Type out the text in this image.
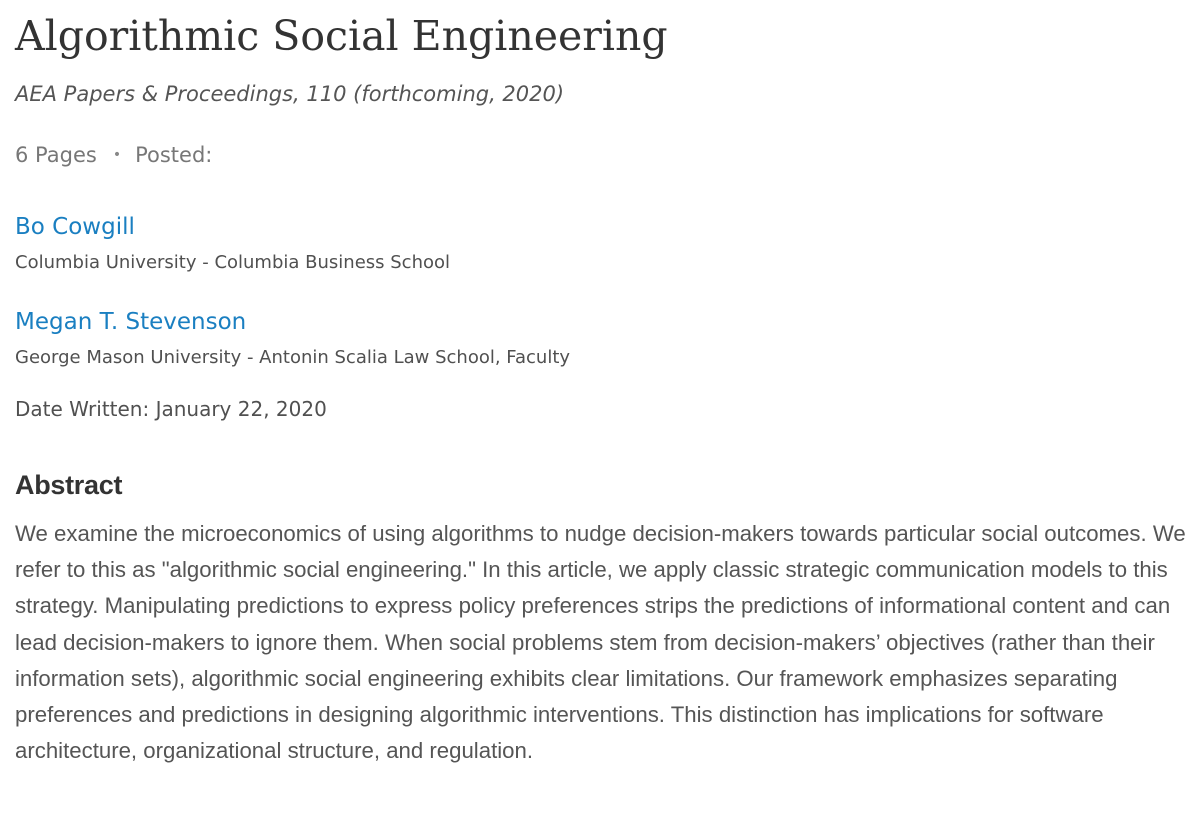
Algorithmic Social Engineering
AEA Papers & Proceedings, 110 (forthcoming, 2020)
6 Pages • Posted:
Bo Cowgill
Columbia University - Columbia Business School
Megan T. Stevenson
George Mason University - Antonin Scalia Law School, Faculty
Date Written: January 22, 2020
Abstract

We examine the microeconomics of using algorithms to nudge decision-makers towards particular social outcomes. We refer to this as "algorithmic social engineering." In this article, we apply classic strategic communication models to this strategy. Manipulating predictions to express policy preferences strips the predictions of informational content and can lead decision-makers to ignore them. When social problems stem from decision-makers’ objectives (rather than their information sets), algorithmic social engineering exhibits clear limitations. Our framework emphasizes separating preferences and predictions in designing algorithmic interventions. This distinction has implications for software architecture, organizational structure, and regulation.
